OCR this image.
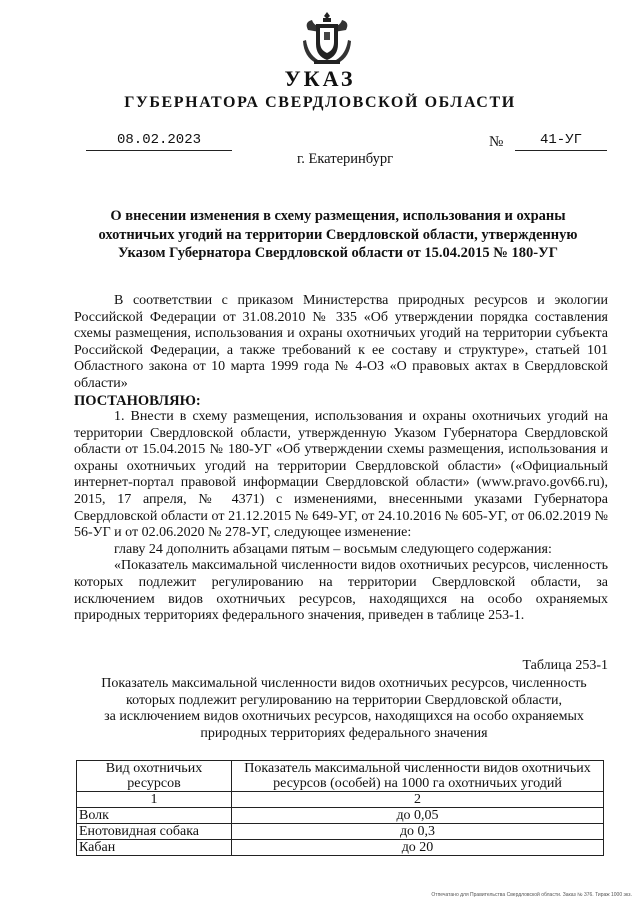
УКАЗ
ГУБЕРНАТОРА СВЕРДЛОВСКОЙ ОБЛАСТИ
08.02.2023	№	41-УГ
г. Екатеринбург
О внесении изменения в схему размещения, использования и охраны охотничьих угодий на территории Свердловской области, утвержденную Указом Губернатора Свердловской области от 15.04.2015 № 180-УГ

В соответствии с приказом Министерства природных ресурсов и экологии Российской Федерации от 31.08.2010 № 335 «Об утверждении порядка составления схемы размещения, использования и охраны охотничьих угодий на территории субъекта Российской Федерации, а также требований к ее составу и структуре», статьей 101 Областного закона от 10 марта 1999 года № 4-ОЗ «О правовых актах в Свердловской области»

ПОСТАНОВЛЯЮ:

1. Внести в схему размещения, использования и охраны охотничьих угодий на территории Свердловской области, утвержденную Указом Губернатора Свердловской области от 15.04.2015 № 180-УГ «Об утверждении схемы размещения, использования и охраны охотничьих угодий на территории Свердловской области» («Официальный интернет-портал правовой информации Свердловской области» (www.pravo.gov66.ru), 2015, 17 апреля, № 4371) с изменениями, внесенными указами Губернатора Свердловской области от 21.12.2015 № 649-УГ, от 24.10.2016 № 605-УГ, от 06.02.2019 № 56-УГ и от 02.06.2020 № 278-УГ, следующее изменение:

главу 24 дополнить абзацами пятым – восьмым следующего содержания:

«Показатель максимальной численности видов охотничьих ресурсов, численность которых подлежит регулированию на территории Свердловской области, за исключением видов охотничьих ресурсов, находящихся на особо охраняемых природных территориях федерального значения, приведен в таблице 253-1.

Таблица 253-1
Показатель максимальной численности видов охотничьих ресурсов, численность
которых подлежит регулированию на территории Свердловской области,
за исключением видов охотничьих ресурсов, находящихся на особо охраняемых
природных территориях федерального значения
Вид охотничьих ресурсов	Показатель максимальной численности видов охотничьих ресурсов (особей) на 1000 га охотничьих угодий
1	2
Волк	до 0,05
Енотовидная собака	до 0,3
Кабан	до 20
Отпечатано для Правительства Свердловской области. Заказ № 376. Тираж 1000 экз.
